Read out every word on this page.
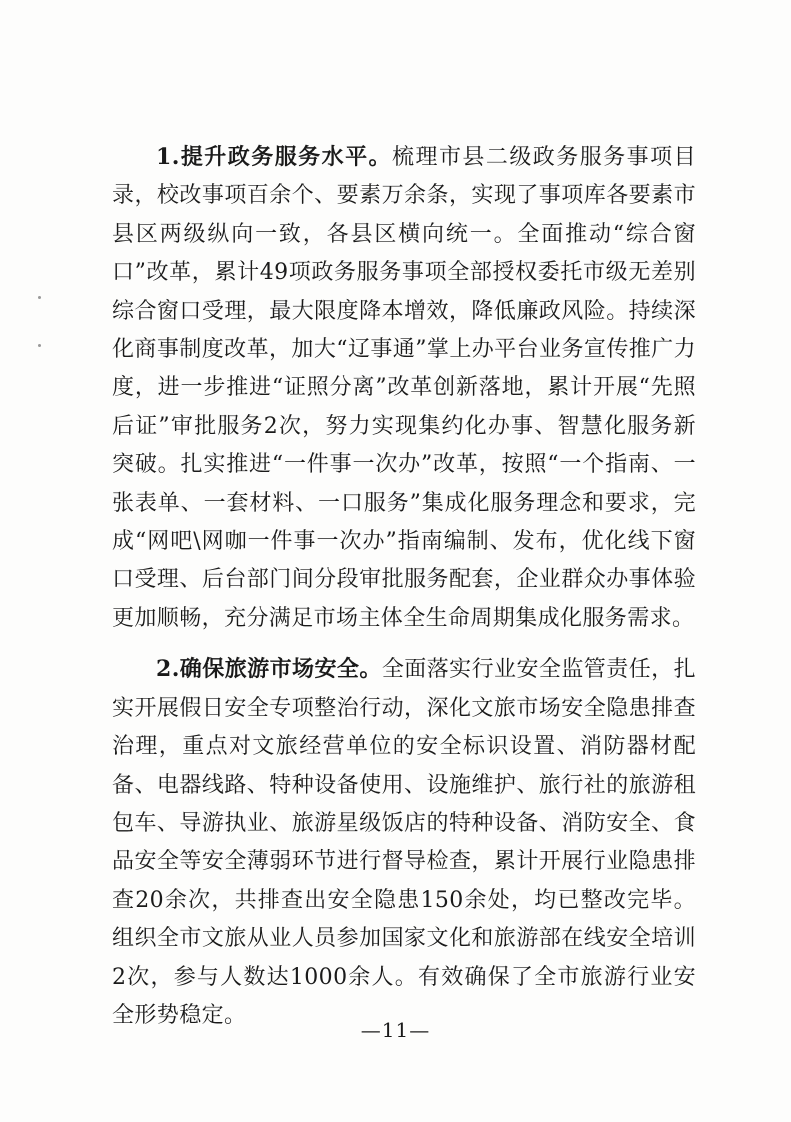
1.提升政务服务水平。梳理市县二级政务服务事项目录，校改事项百余个、要素万余条，实现了事项库各要素市县区两级纵向一致，各县区横向统一。全面推动“综合窗口”改革，累计49项政务服务事项全部授权委托市级无差别综合窗口受理，最大限度降本增效，降低廉政风险。持续深化商事制度改革，加大“辽事通”掌上办平台业务宣传推广力度，进一步推进“证照分离”改革创新落地，累计开展“先照后证”审批服务2次，努力实现集约化办事、智慧化服务新突破。扎实推进“一件事一次办”改革，按照“一个指南、一张表单、一套材料、一口服务”集成化服务理念和要求，完成“网吧\网咖一件事一次办”指南编制、发布，优化线下窗口受理、后台部门间分段审批服务配套，企业群众办事体验更加顺畅，充分满足市场主体全生命周期集成化服务需求。

2.确保旅游市场安全。全面落实行业安全监管责任，扎实开展假日安全专项整治行动，深化文旅市场安全隐患排查治理，重点对文旅经营单位的安全标识设置、消防器材配备、电器线路、特种设备使用、设施维护、旅行社的旅游租包车、导游执业、旅游星级饭店的特种设备、消防安全、食品安全等安全薄弱环节进行督导检查，累计开展行业隐患排查20余次，共排查出安全隐患150余处，均已整改完毕。组织全市文旅从业人员参加国家文化和旅游部在线安全培训2次，参与人数达1000余人。有效确保了全市旅游行业安全形势稳定。

—11—
